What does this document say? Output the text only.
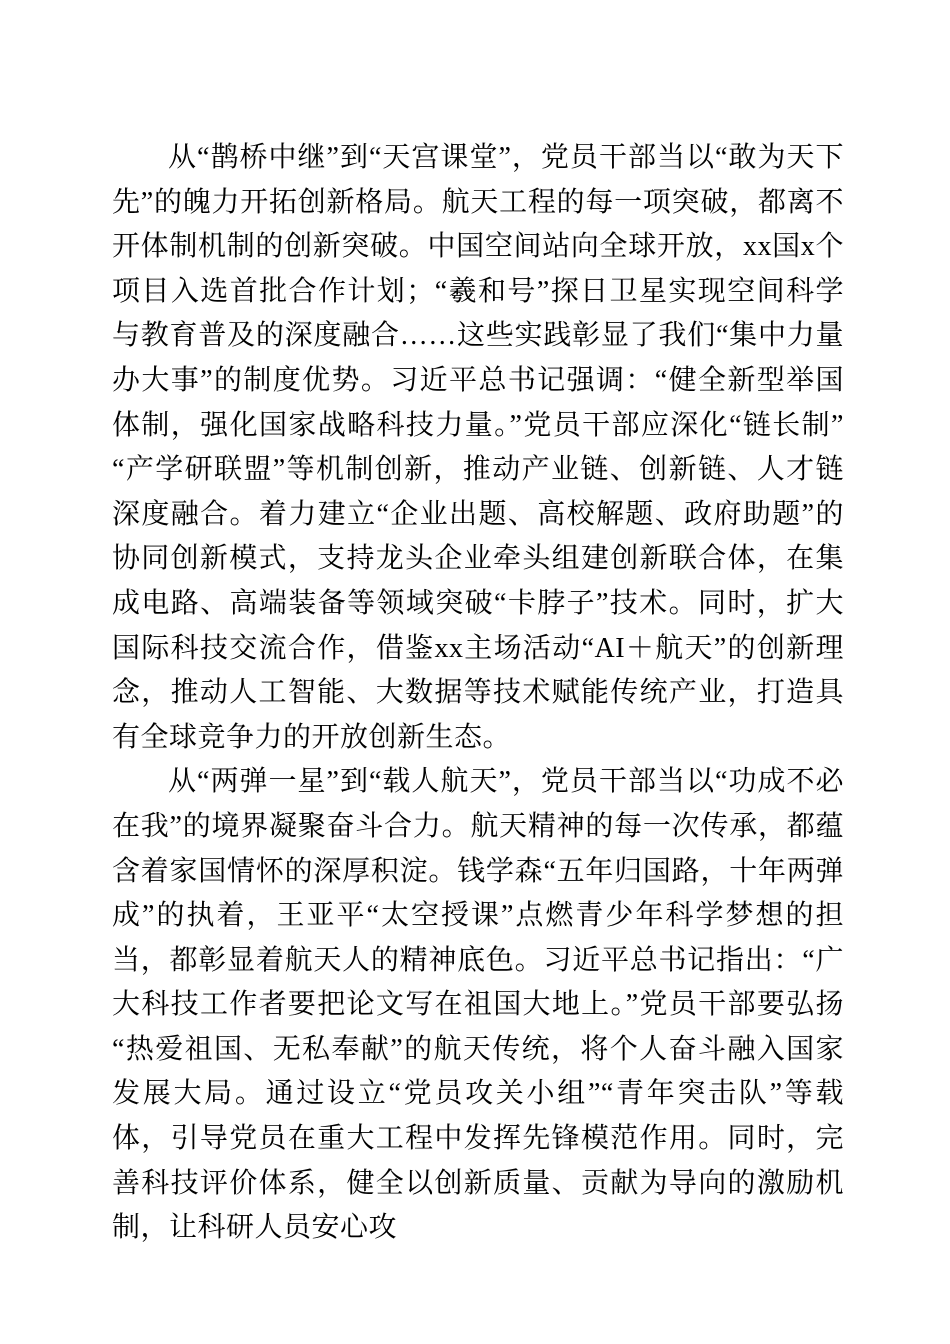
从“鹊桥中继”到“天宫课堂”，党员干部当以“敢为天下先”的魄力开拓创新格局。航天工程的每一项突破，都离不开体制机制的创新突破。中国空间站向全球开放，xx国x个项目入选首批合作计划；“羲和号”探日卫星实现空间科学与教育普及的深度融合……这些实践彰显了我们“集中力量办大事”的制度优势。习近平总书记强调：“健全新型举国体制，强化国家战略科技力量。”党员干部应深化“链长制”“产学研联盟”等机制创新，推动产业链、创新链、人才链深度融合。着力建立“企业出题、高校解题、政府助题”的协同创新模式，支持龙头企业牵头组建创新联合体，在集成电路、高端装备等领域突破“卡脖子”技术。同时，扩大国际科技交流合作，借鉴xx主场活动“AI＋航天”的创新理念，推动人工智能、大数据等技术赋能传统产业，打造具有全球竞争力的开放创新生态。

从“两弹一星”到“载人航天”，党员干部当以“功成不必在我”的境界凝聚奋斗合力。航天精神的每一次传承，都蕴含着家国情怀的深厚积淀。钱学森“五年归国路，十年两弹成”的执着，王亚平“太空授课”点燃青少年科学梦想的担当，都彰显着航天人的精神底色。习近平总书记指出：“广大科技工作者要把论文写在祖国大地上。”党员干部要弘扬“热爱祖国、无私奉献”的航天传统，将个人奋斗融入国家发展大局。通过设立“党员攻关小组”“青年突击队”等载体，引导党员在重大工程中发挥先锋模范作用。同时，完善科技评价体系，健全以创新质量、贡献为导向的激励机制，让科研人员安心攻
